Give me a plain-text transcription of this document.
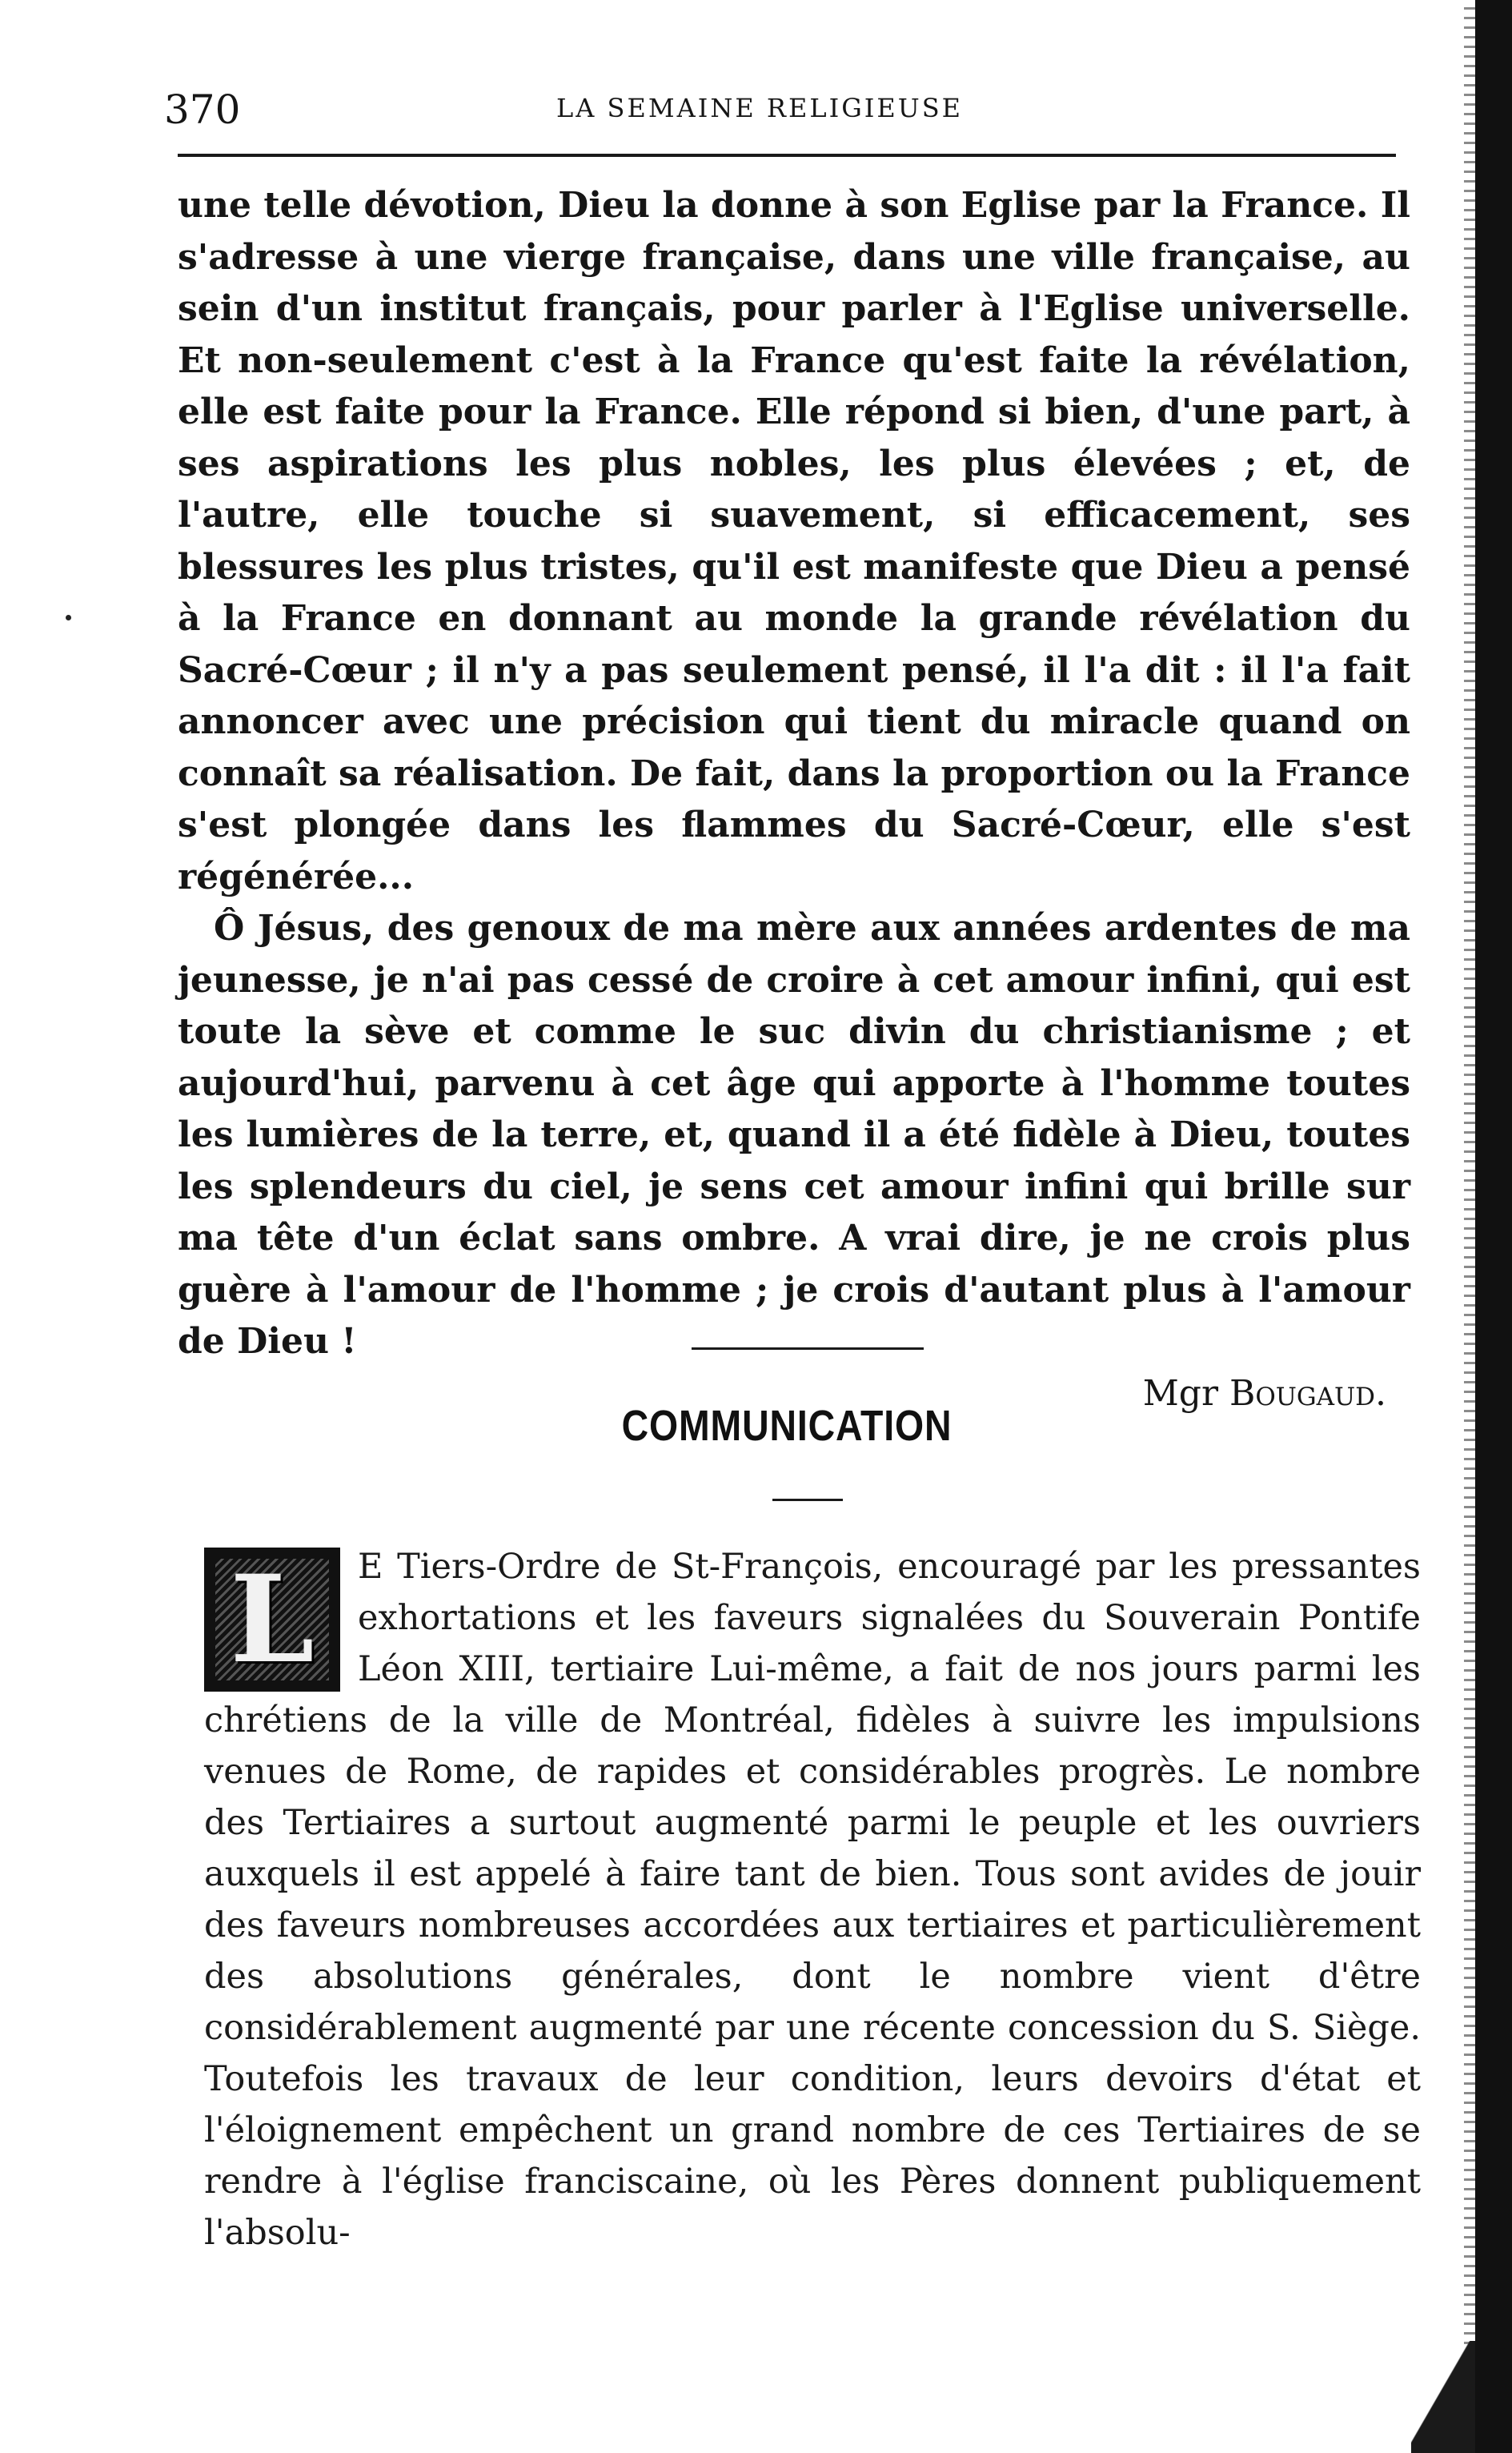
370	LA SEMAINE RELIGIEUSE

une telle dévotion, Dieu la donne à son Eglise par la France. Il s'adresse à une vierge française, dans une ville française, au sein d'un institut français, pour parler à l'Eglise universelle. Et non-seulement c'est à la France qu'est faite la révélation, elle est faite pour la France. Elle répond si bien, d'une part, à ses aspirations les plus nobles, les plus élevées ; et, de l'autre, elle touche si suavement, si efficacement, ses blessures les plus tristes, qu'il est manifeste que Dieu a pensé à la France en donnant au monde la grande révélation du Sacré-Cœur ; il n'y a pas seulement pensé, il l'a dit : il l'a fait annoncer avec une précision qui tient du miracle quand on connaît sa réalisation. De fait, dans la proportion ou la France s'est plongée dans les flammes du Sacré-Cœur, elle s'est régénérée...

Ô Jésus, des genoux de ma mère aux années ardentes de ma jeunesse, je n'ai pas cessé de croire à cet amour infini, qui est toute la sève et comme le suc divin du christianisme ; et aujourd'hui, parvenu à cet âge qui apporte à l'homme toutes les lumières de la terre, et, quand il a été fidèle à Dieu, toutes les splendeurs du ciel, je sens cet amour infini qui brille sur ma tête d'un éclat sans ombre. A vrai dire, je ne crois plus guère à l'amour de l'homme ; je crois d'autant plus à l'amour de Dieu !

Mgr Bougaud.
COMMUNICATION
L	E Tiers-Ordre de St-François, encouragé par les pressantes exhortations et les faveurs signalées du Souverain Pontife Léon XIII, tertiaire Lui-même, a fait de nos jours parmi les chrétiens de la ville de Montréal, fidèles à suivre les impulsions venues de Rome, de rapides et considérables progrès. Le nombre des Tertiaires a surtout augmenté parmi le peuple et les ouvriers auxquels il est appelé à faire tant de bien. Tous sont avides de jouir des faveurs nombreuses accordées aux tertiaires et particulièrement des absolutions générales, dont le nombre vient d'être considérablement augmenté par une récente concession du S. Siège. Toutefois les travaux de leur condition, leurs devoirs d'état et l'éloignement empêchent un grand nombre de ces Tertiaires de se rendre à l'église franciscaine, où les Pères donnent publiquement l'absolu-
